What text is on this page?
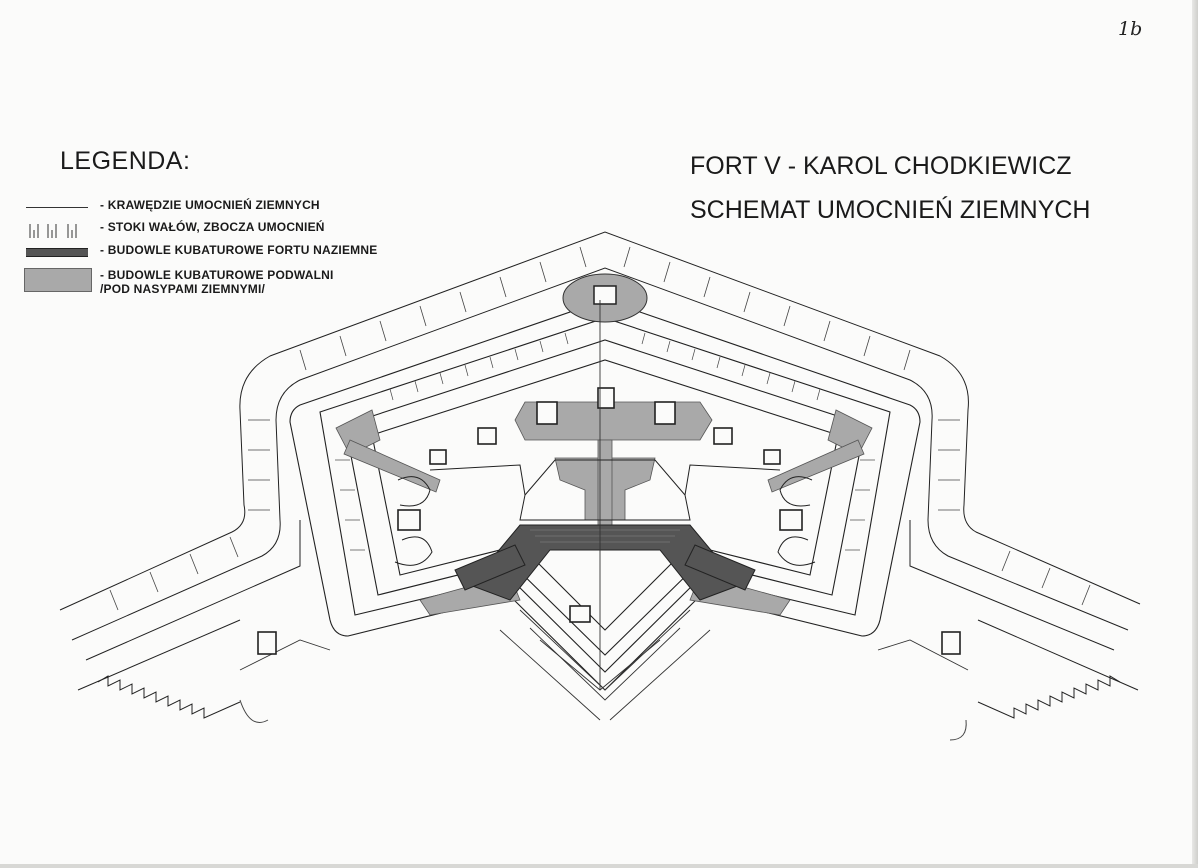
1b
LEGENDA:
- KRAWĘDZIE UMOCNIEŃ ZIEMNYCH
- STOKI WAŁÓW, ZBOCZA UMOCNIEŃ
- BUDOWLE KUBATUROWE FORTU NAZIEMNE
- BUDOWLE KUBATUROWE PODWALNI
/POD NASYPAMI ZIEMNYMI/
FORT V - KAROL CHODKIEWICZ
SCHEMAT UMOCNIEŃ ZIEMNYCH
